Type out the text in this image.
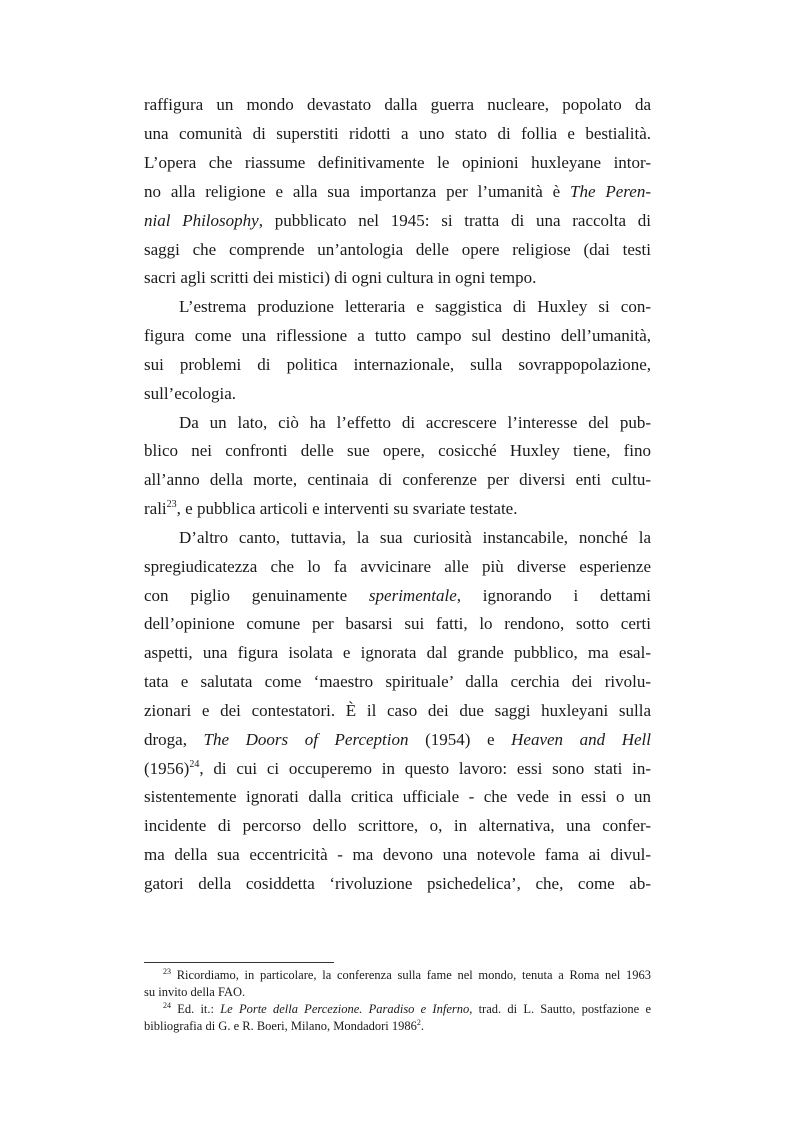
raffigura un mondo devastato dalla guerra nucleare, popolato da
una comunità di superstiti ridotti a uno stato di follia e bestialità.
L’opera che riassume definitivamente le opinioni huxleyane intor-
no alla religione e alla sua importanza per l’umanità è The Peren-
nial Philosophy, pubblicato nel 1945: si tratta di una raccolta di
saggi che comprende un’antologia delle opere religiose (dai testi
sacri agli scritti dei mistici) di ogni cultura in ogni tempo.
L’estrema produzione letteraria e saggistica di Huxley si con-
figura come una riflessione a tutto campo sul destino dell’umanità,
sui problemi di politica internazionale, sulla sovrappopolazione,
sull’ecologia.
Da un lato, ciò ha l’effetto di accrescere l’interesse del pub-
blico nei confronti delle sue opere, cosicché Huxley tiene, fino
all’anno della morte, centinaia di conferenze per diversi enti cultu-
rali$^{23}$, e pubblica articoli e interventi su svariate testate.
D’altro canto, tuttavia, la sua curiosità instancabile, nonché la
spregiudicatezza che lo fa avvicinare alle più diverse esperienze
con piglio genuinamente sperimentale, ignorando i dettami
dell’opinione comune per basarsi sui fatti, lo rendono, sotto certi
aspetti, una figura isolata e ignorata dal grande pubblico, ma esal-
tata e salutata come ‘maestro spirituale’ dalla cerchia dei rivolu-
zionari e dei contestatori. È il caso dei due saggi huxleyani sulla
droga, The Doors of Perception (1954) e Heaven and Hell
$(1956)^{24}$, di cui ci occuperemo in questo lavoro: essi sono stati in-
sistentemente ignorati dalla critica ufficiale - che vede in essi o un
incidente di percorso dello scrittore, o, in alternativa, una confer-
ma della sua eccentricità - ma devono una notevole fama ai divul-
gatori della cosiddetta ‘rivoluzione psichedelica’, che, come ab-
$^{23}$ Ricordiamo, in particolare, la conferenza sulla fame nel mondo, tenuta a Roma nel 1963
su invito della FAO.
$^{24}$ Ed. it.: Le Porte della Percezione. Paradiso e Inferno, trad. di L. Sautto, postfazione e
bibliografia di G. e R. Boeri, Milano, Mondadori 1986$^2$.
